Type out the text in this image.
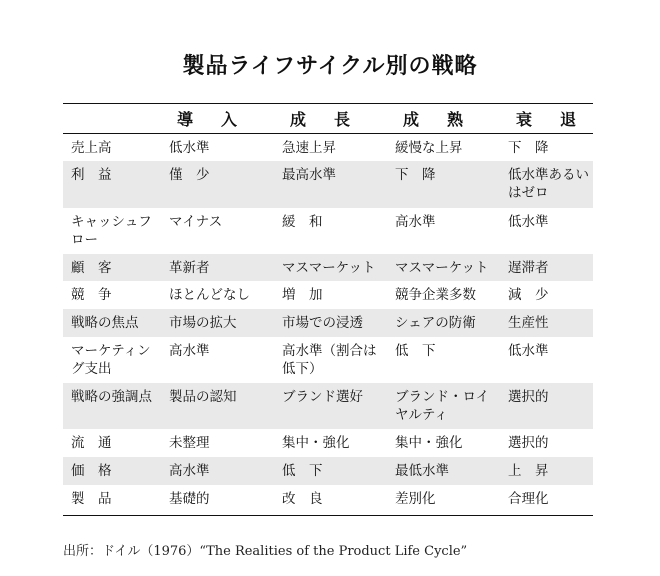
製品ライフサイクル別の戦略
	導　入	成　長	成　熟	衰　退
売上高	低水準	急速上昇	緩慢な上昇	下　降
利　益	僅　少	最高水準	下　降	低水準あるいはゼロ
キャッシュフロー	マイナス	緩　和	高水準	低水準
顧　客	革新者	マスマーケット	マスマーケット	遅滞者
競　争	ほとんどなし	増　加	競争企業多数	減　少
戦略の焦点	市場の拡大	市場での浸透	シェアの防衛	生産性
マーケティング支出	高水準	高水準（割合は低下）	低　下	低水準
戦略の強調点	製品の認知	ブランド選好	ブランド・ロイヤルティ	選択的
流　通	未整理	集中・強化	集中・強化	選択的
価　格	高水準	低　下	最低水準	上　昇
製　品	基礎的	改　良	差別化	合理化
出所：ドイル（1976）“The Realities of the Product Life Cycle”
